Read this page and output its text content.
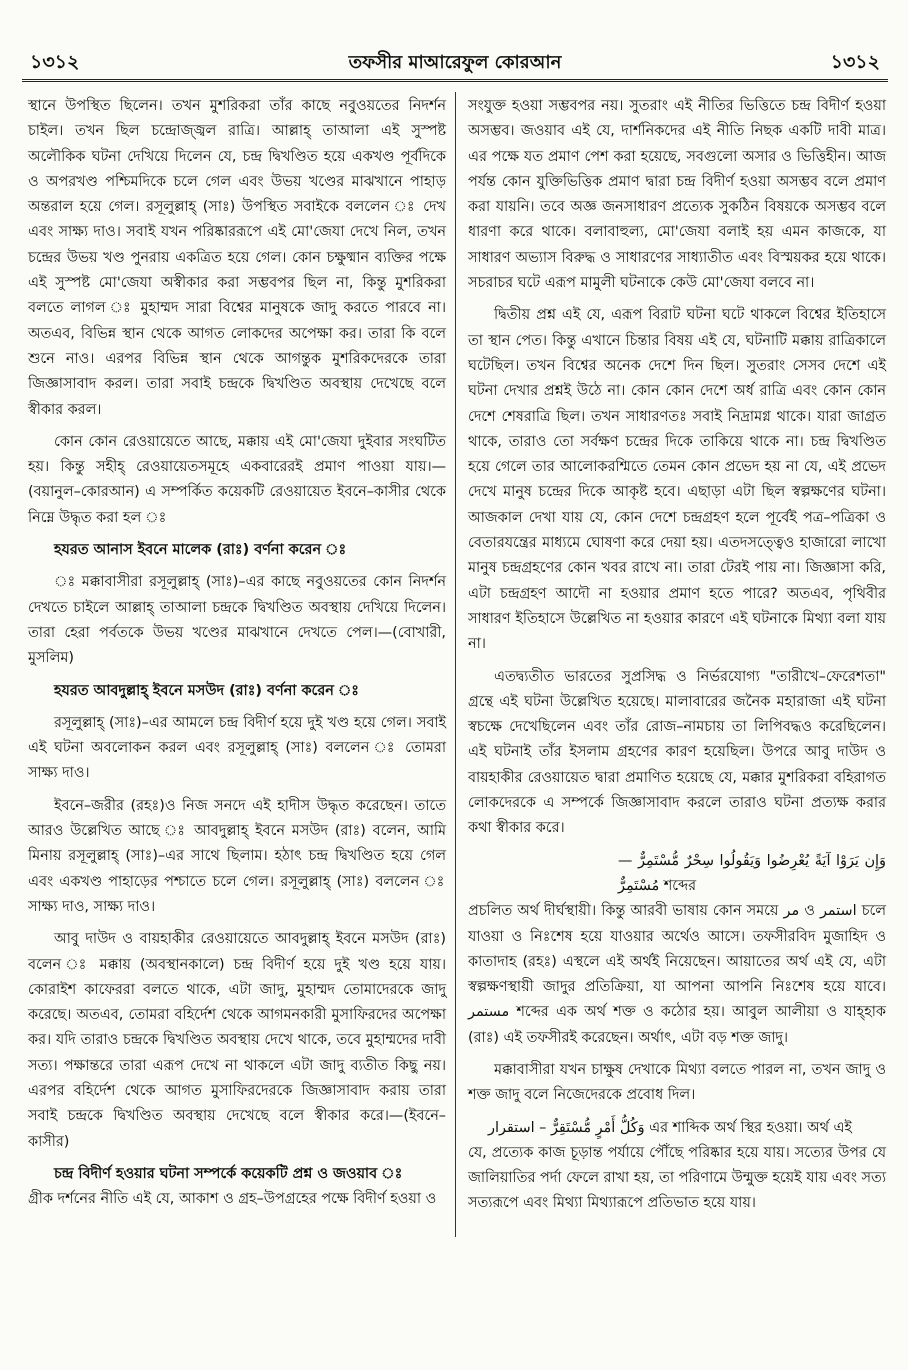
১৩১২	তফসীর মাআরেফুল কোরআন	১৩১২

স্থানে উপস্থিত ছিলেন। তখন মুশরিকরা তাঁর কাছে নবুওয়তের নিদর্শন চাইল। তখন ছিল চন্দ্রোজ্জ্বল রাত্রি। আল্লাহ্ তাআলা এই সুস্পষ্ট অলৌকিক ঘটনা দেখিয়ে দিলেন যে, চন্দ্র দ্বিখণ্ডিত হয়ে একখণ্ড পূর্বদিকে ও অপরখণ্ড পশ্চিমদিকে চলে গেল এবং উভয় খণ্ডের মাঝখানে পাহাড় অন্তরাল হয়ে গেল। রসূলুল্লাহ্ (সাঃ) উপস্থিত সবাইকে বললেন ঃ দেখ এবং সাক্ষ্য দাও। সবাই যখন পরিষ্কাররূপে এই মো'জেযা দেখে নিল, তখন চন্দ্রের উভয় খণ্ড পুনরায় একত্রিত হয়ে গেল। কোন চক্ষুষ্মান ব্যক্তির পক্ষে এই সুস্পষ্ট মো'জেযা অস্বীকার করা সম্ভবপর ছিল না, কিন্তু মুশরিকরা বলতে লাগল ঃ মুহাম্মদ সারা বিশ্বের মানুষকে জাদু করতে পারবে না। অতএব, বিভিন্ন স্থান থেকে আগত লোকদের অপেক্ষা কর। তারা কি বলে শুনে নাও। এরপর বিভিন্ন স্থান থেকে আগন্তুক মুশরিকদেরকে তারা জিজ্ঞাসাবাদ করল। তারা সবাই চন্দ্রকে দ্বিখণ্ডিত অবস্থায় দেখেছে বলে স্বীকার করল।

কোন কোন রেওয়ায়েতে আছে, মক্কায় এই মো'জেযা দুইবার সংঘটিত হয়। কিন্তু সহীহ্ রেওয়ায়েতসমূহে একবারেরই প্রমাণ পাওয়া যায়।—(বয়ানুল–কোরআন) এ সম্পর্কিত কয়েকটি রেওয়ায়েত ইবনে–কাসীর থেকে নিম্নে উদ্ধৃত করা হল ঃ

হযরত আনাস ইবনে মালেক (রাঃ) বর্ণনা করেন ঃ

ঃ মক্কাবাসীরা রসূলুল্লাহ্ (সাঃ)–এর কাছে নবুওয়তের কোন নিদর্শন দেখতে চাইলে আল্লাহ্ তাআলা চন্দ্রকে দ্বিখণ্ডিত অবস্থায় দেখিয়ে দিলেন। তারা হেরা পর্বতকে উভয় খণ্ডের মাঝখানে দেখতে পেল।—(বোখারী, মুসলিম)

হযরত আবদুল্লাহ্ ইবনে মসউদ (রাঃ) বর্ণনা করেন ঃ

রসূলুল্লাহ্ (সাঃ)–এর আমলে চন্দ্র বিদীর্ণ হয়ে দুই খণ্ড হয়ে গেল। সবাই এই ঘটনা অবলোকন করল এবং রসূলুল্লাহ্ (সাঃ) বললেন ঃ তোমরা সাক্ষ্য দাও।

ইবনে–জরীর (রহঃ)ও নিজ সনদে এই হাদীস উদ্ধৃত করেছেন। তাতে আরও উল্লেখিত আছে ঃ আবদুল্লাহ্ ইবনে মসউদ (রাঃ) বলেন, আমি মিনায় রসূলুল্লাহ্ (সাঃ)–এর সাথে ছিলাম। হঠাৎ চন্দ্র দ্বিখণ্ডিত হয়ে গেল এবং একখণ্ড পাহাড়ের পশ্চাতে চলে গেল। রসূলুল্লাহ্ (সাঃ) বললেন ঃ সাক্ষ্য দাও, সাক্ষ্য দাও।

আবু দাউদ ও বায়হাকীর রেওয়ায়েতে আবদুল্লাহ্ ইবনে মসউদ (রাঃ) বলেন ঃ মক্কায় (অবস্থানকালে) চন্দ্র বিদীর্ণ হয়ে দুই খণ্ড হয়ে যায়। কোরাইশ কাফেররা বলতে থাকে, এটা জাদু, মুহাম্মদ তোমাদেরকে জাদু করেছে। অতএব, তোমরা বহির্দেশ থেকে আগমনকারী মুসাফিরদের অপেক্ষা কর। যদি তারাও চন্দ্রকে দ্বিখণ্ডিত অবস্থায় দেখে থাকে, তবে মুহাম্মদের দাবী সত্য। পক্ষান্তরে তারা এরূপ দেখে না থাকলে এটা জাদু ব্যতীত কিছু নয়। এরপর বহির্দেশ থেকে আগত মুসাফিরদেরকে জিজ্ঞাসাবাদ করায় তারা সবাই চন্দ্রকে দ্বিখণ্ডিত অবস্থায় দেখেছে বলে স্বীকার করে।—(ইবনে–কাসীর)

চন্দ্র বিদীর্ণ হওয়ার ঘটনা সম্পর্কে কয়েকটি প্রশ্ন ও জওয়াব ঃ

গ্রীক দর্শনের নীতি এই যে, আকাশ ও গ্রহ–উপগ্রহের পক্ষে বিদীর্ণ হওয়া ও

সংযুক্ত হওয়া সম্ভবপর নয়। সুতরাং এই নীতির ভিত্তিতে চন্দ্র বিদীর্ণ হওয়া অসম্ভব। জওয়াব এই যে, দার্শনিকদের এই নীতি নিছক একটি দাবী মাত্র। এর পক্ষে যত প্রমাণ পেশ করা হয়েছে, সবগুলো অসার ও ভিত্তিহীন। আজ পর্যন্ত কোন যুক্তিভিত্তিক প্রমাণ দ্বারা চন্দ্র বিদীর্ণ হওয়া অসম্ভব বলে প্রমাণ করা যায়নি। তবে অজ্ঞ জনসাধারণ প্রত্যেক সুকঠিন বিষয়কে অসম্ভব বলে ধারণা করে থাকে। বলাবাহুল্য, মো'জেযা বলাই হয় এমন কাজকে, যা সাধারণ অভ্যাস বিরুদ্ধ ও সাধারণের সাধ্যাতীত এবং বিস্ময়কর হয়ে থাকে। সচরাচর ঘটে এরূপ মামুলী ঘটনাকে কেউ মো'জেযা বলবে না।

দ্বিতীয় প্রশ্ন এই যে, এরূপ বিরাট ঘটনা ঘটে থাকলে বিশ্বের ইতিহাসে তা স্থান পেত। কিন্তু এখানে চিন্তার বিষয় এই যে, ঘটনাটি মক্কায় রাত্রিকালে ঘটেছিল। তখন বিশ্বের অনেক দেশে দিন ছিল। সুতরাং সেসব দেশে এই ঘটনা দেখার প্রশ্নই উঠে না। কোন কোন দেশে অর্ধ রাত্রি এবং কোন কোন দেশে শেষরাত্রি ছিল। তখন সাধারণতঃ সবাই নিদ্রামগ্ন থাকে। যারা জাগ্রত থাকে, তারাও তো সর্বক্ষণ চন্দ্রের দিকে তাকিয়ে থাকে না। চন্দ্র দ্বিখণ্ডিত হয়ে গেলে তার আলোকরশ্মিতে তেমন কোন প্রভেদ হয় না যে, এই প্রভেদ দেখে মানুষ চন্দ্রের দিকে আকৃষ্ট হবে। এছাড়া এটা ছিল স্বল্পক্ষণের ঘটনা। আজকাল দেখা যায় যে, কোন দেশে চন্দ্রগ্রহণ হলে পূর্বেই পত্র–পত্রিকা ও বেতারযন্ত্রের মাধ্যমে ঘোষণা করে দেয়া হয়। এতদসত্ত্বেও হাজারো লাখো মানুষ চন্দ্রগ্রহণের কোন খবর রাখে না। তারা টেরই পায় না। জিজ্ঞাসা করি, এটা চন্দ্রগ্রহণ আদৌ না হওয়ার প্রমাণ হতে পারে? অতএব, পৃথিবীর সাধারণ ইতিহাসে উল্লেখিত না হওয়ার কারণে এই ঘটনাকে মিথ্যা বলা যায় না।

এতদ্ব্যতীত ভারতের সুপ্রসিদ্ধ ও নির্ভরযোগ্য "তারীখে–ফেরেশতা" গ্রন্থে এই ঘটনা উল্লেখিত হয়েছে। মালাবারের জনৈক মহারাজা এই ঘটনা স্বচক্ষে দেখেছিলেন এবং তাঁর রোজ–নামচায় তা লিপিবদ্ধও করেছিলেন। এই ঘটনাই তাঁর ইসলাম গ্রহণের কারণ হয়েছিল। উপরে আবু দাউদ ও বায়হাকীর রেওয়ায়েত দ্বারা প্রমাণিত হয়েছে যে, মক্কার মুশরিকরা বহিরাগত লোকদেরকে এ সম্পর্কে জিজ্ঞাসাবাদ করলে তারাও ঘটনা প্রত্যক্ষ করার কথা স্বীকার করে।

وَإِن يَرَوْا آيَةً يُعْرِضُوا وَيَقُولُوا سِحْرٌ مُّسْتَمِرٌّ — مُسْتَمِرٌّ শব্দের

প্রচলিত অর্থ দীর্ঘস্থায়ী। কিন্তু আরবী ভাষায় কোন সময়ে مر ও استمر চলে যাওয়া ও নিঃশেষ হয়ে যাওয়ার অর্থেও আসে। তফসীরবিদ মুজাহিদ ও কাতাদাহ (রহঃ) এস্থলে এই অর্থই নিয়েছেন। আয়াতের অর্থ এই যে, এটা স্বল্পক্ষণস্থায়ী জাদুর প্রতিক্রিয়া, যা আপনা আপনি নিঃশেষ হয়ে যাবে। مستمر শব্দের এক অর্থ শক্ত ও কঠোর হয়। আবুল আলীয়া ও যাহ্হাক (রাঃ) এই তফসীরই করেছেন। অর্থাৎ, এটা বড় শক্ত জাদু।

মক্কাবাসীরা যখন চাক্ষুষ দেখাকে মিথ্যা বলতে পারল না, তখন জাদু ও শক্ত জাদু বলে নিজেদেরকে প্রবোধ দিল।

وَكُلُّ أَمْرٍ مُّسْتَقِرٌّ – استقرار	এর শাব্দিক অর্থ স্থির হওয়া। অর্থ এই

যে, প্রত্যেক কাজ চূড়ান্ত পর্যায়ে পৌঁছে পরিষ্কার হয়ে যায়। সত্যের উপর যে জালিয়াতির পর্দা ফেলে রাখা হয়, তা পরিণামে উন্মুক্ত হয়েই যায় এবং সত্য সত্যরূপে এবং মিথ্যা মিথ্যারূপে প্রতিভাত হয়ে যায়।
